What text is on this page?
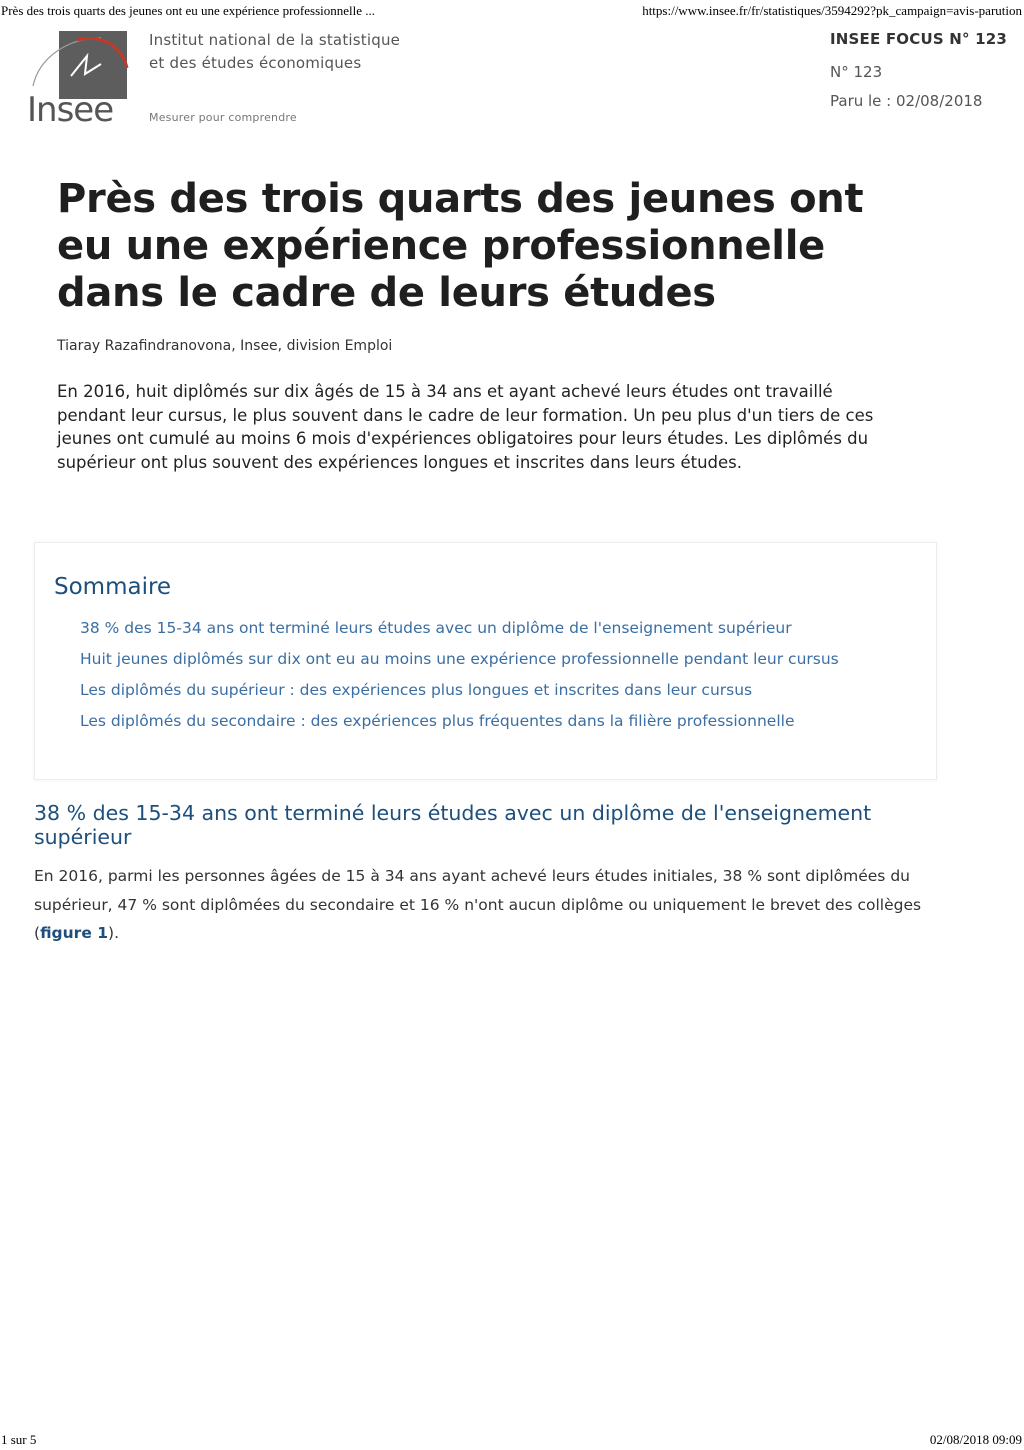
Près des trois quarts des jeunes ont eu une expérience professionnelle ...	https://www.insee.fr/fr/statistiques/3594292?pk_campaign=avis-parution
Insee
Institut national de la statistique
et des études économiques
Mesurer pour comprendre
INSEE FOCUS N° 123
N° 123
Paru le : 02/08/2018
Près des trois quarts des jeunes ont eu une expérience professionnelle dans le cadre de leurs études
Tiaray Razafindranovona, Insee, division Emploi

En 2016, huit diplômés sur dix âgés de 15 à 34 ans et ayant achevé leurs études ont travaillé pendant leur cursus, le plus souvent dans le cadre de leur formation. Un peu plus d'un tiers de ces jeunes ont cumulé au moins 6 mois d'expériences obligatoires pour leurs études. Les diplômés du supérieur ont plus souvent des expériences longues et inscrites dans leurs études.

Sommaire
38 % des 15-34 ans ont terminé leurs études avec un diplôme de l'enseignement supérieur
Huit jeunes diplômés sur dix ont eu au moins une expérience professionnelle pendant leur cursus
Les diplômés du supérieur : des expériences plus longues et inscrites dans leur cursus
Les diplômés du secondaire : des expériences plus fréquentes dans la filière professionnelle
38 % des 15-34 ans ont terminé leurs études avec un diplôme de l'enseignement supérieur

En 2016, parmi les personnes âgées de 15 à 34 ans ayant achevé leurs études initiales, 38 % sont diplômées du supérieur, 47 % sont diplômées du secondaire et 16 % n'ont aucun diplôme ou uniquement le brevet des collèges (figure 1).

1 sur 5	02/08/2018 09:09
